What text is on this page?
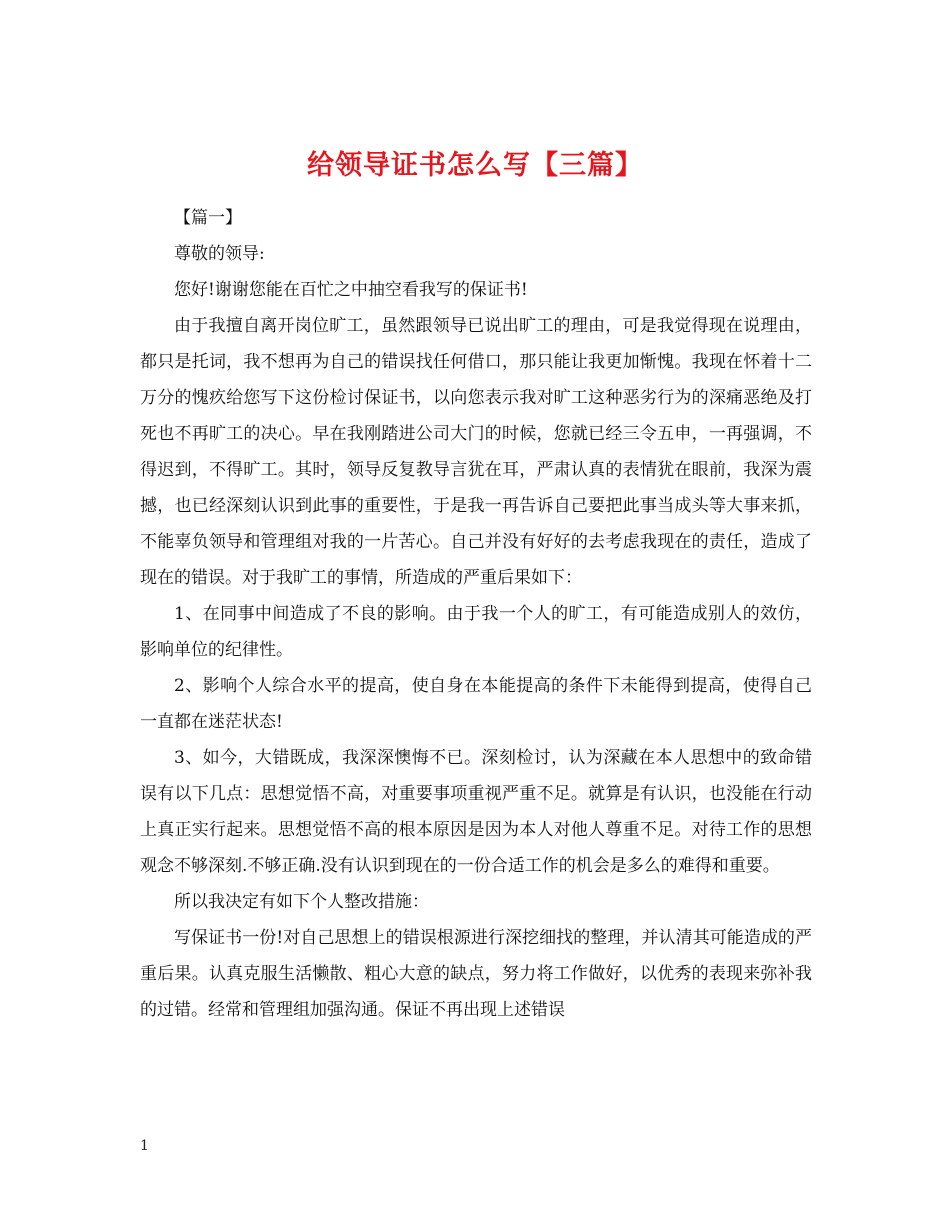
给领导证书怎么写【三篇】

【篇一】

尊敬的领导:

您好!谢谢您能在百忙之中抽空看我写的保证书!

由于我擅自离开岗位旷工，虽然跟领导已说出旷工的理由，可是我觉得现在说理由，都只是托词，我不想再为自己的错误找任何借口，那只能让我更加惭愧。我现在怀着十二万分的愧疚给您写下这份检讨保证书，以向您表示我对旷工这种恶劣行为的深痛恶绝及打死也不再旷工的决心。早在我刚踏进公司大门的时候，您就已经三令五申，一再强调，不得迟到，不得旷工。其时，领导反复教导言犹在耳，严肃认真的表情犹在眼前，我深为震撼，也已经深刻认识到此事的重要性，于是我一再告诉自己要把此事当成头等大事来抓，不能辜负领导和管理组对我的一片苦心。自己并没有好好的去考虑我现在的责任，造成了现在的错误。对于我旷工的事情，所造成的严重后果如下：

1、在同事中间造成了不良的影响。由于我一个人的旷工，有可能造成别人的效仿，影响单位的纪律性。

2、影响个人综合水平的提高，使自身在本能提高的条件下未能得到提高，使得自己一直都在迷茫状态!

3、如今，大错既成，我深深懊悔不已。深刻检讨，认为深藏在本人思想中的致命错误有以下几点：思想觉悟不高，对重要事项重视严重不足。就算是有认识，也没能在行动上真正实行起来。思想觉悟不高的根本原因是因为本人对他人尊重不足。对待工作的思想观念不够深刻.不够正确.没有认识到现在的一份合适工作的机会是多么的难得和重要。

所以我决定有如下个人整改措施：

写保证书一份!对自己思想上的错误根源进行深挖细找的整理，并认清其可能造成的严重后果。认真克服生活懒散、粗心大意的缺点，努力将工作做好，以优秀的表现来弥补我的过错。经常和管理组加强沟通。保证不再出现上述错误

1
